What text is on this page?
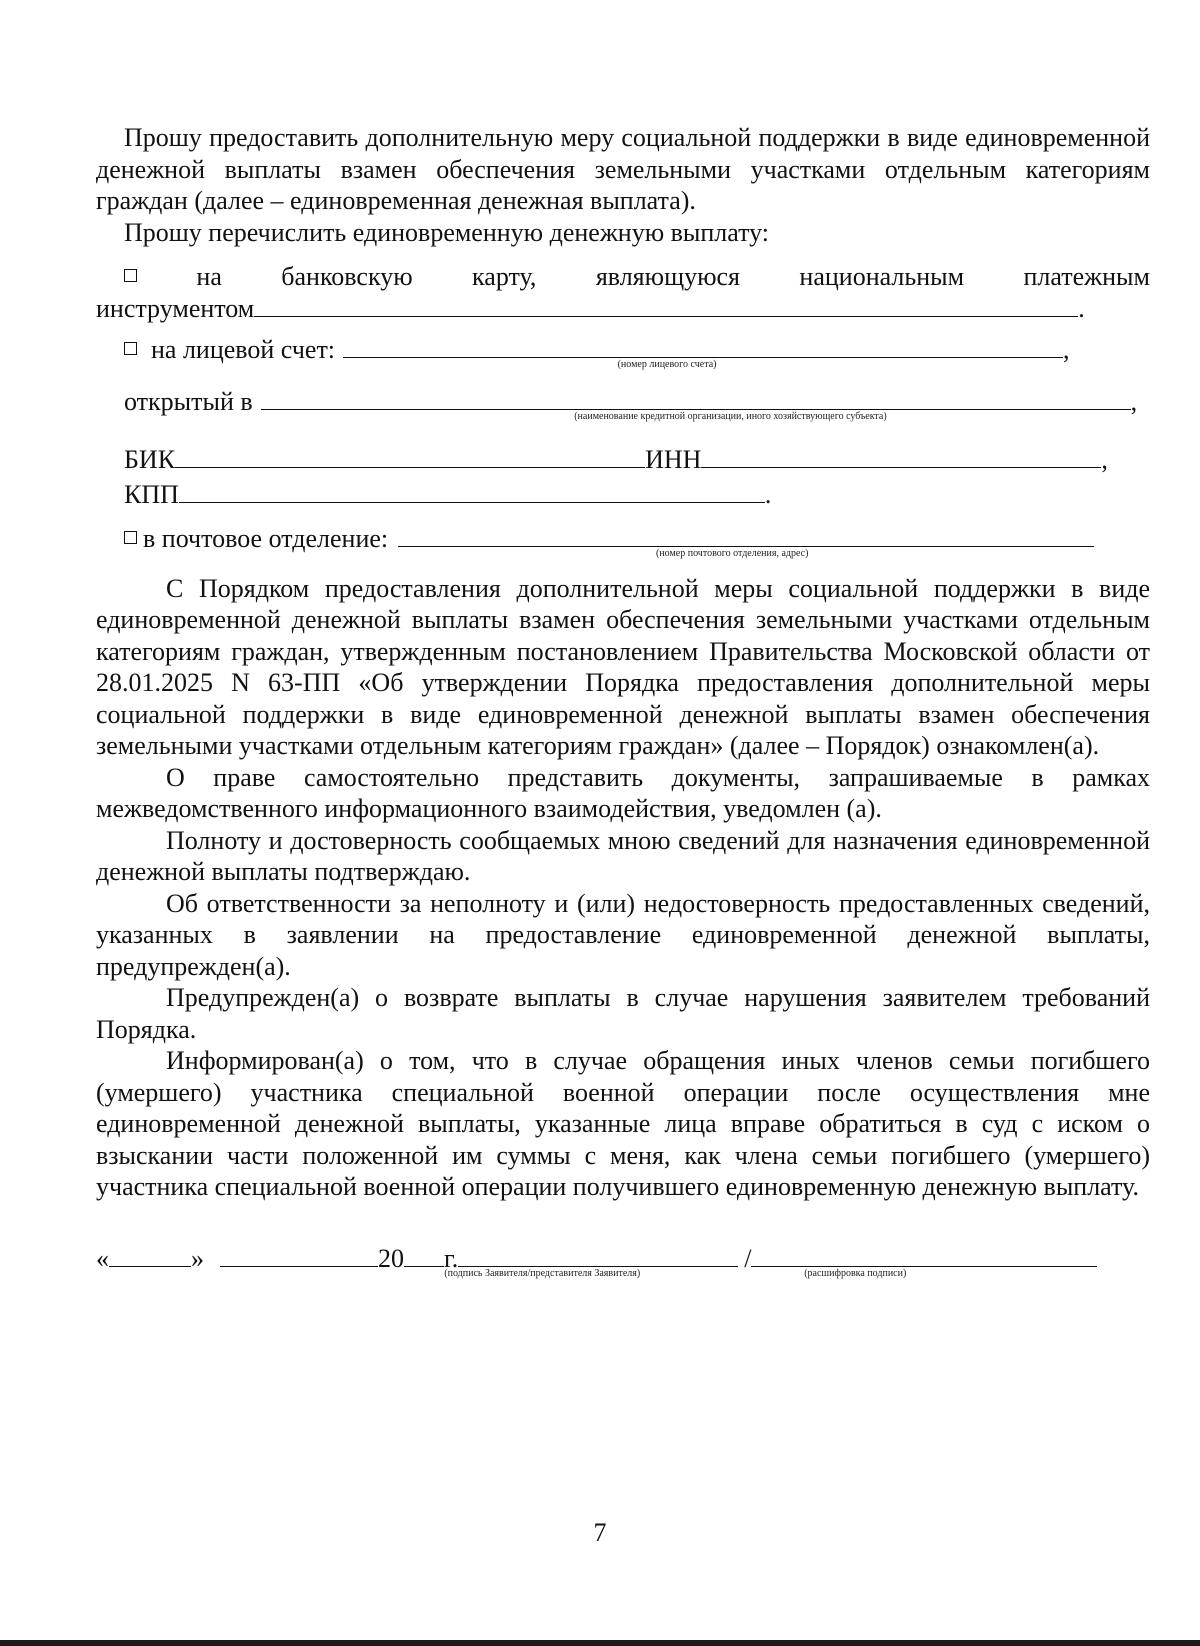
Прошу предоставить дополнительную меру социальной поддержки в виде единовременной денежной выплаты взамен обеспечения земельными участками отдельным категориям граждан (далее – единовременная денежная выплата).

Прошу перечислить единовременную денежную выплату:

на банковскую карту, являющуюся национальным платежным
инструментом	.
на лицевой счет:
(номер лицевого счета)
,
открытый в
(наименование кредитной организации, иного хозяйствующего субъекта)
,
БИК	ИНН	,
КПП	.
в почтовое отделение:
(номер почтового отделения, адрес)

С Порядком предоставления дополнительной меры социальной поддержки в виде единовременной денежной выплаты взамен обеспечения земельными участками отдельным категориям граждан, утвержденным постановлением Правительства Московской области от 28.01.2025 N 63-ПП «Об утверждении Порядка предоставления дополнительной меры социальной поддержки в виде единовременной денежной выплаты взамен обеспечения земельными участками отдельным категориям граждан» (далее – Порядок) ознакомлен(а).

О праве самостоятельно представить документы, запрашиваемые в рамках межведомственного информационного взаимодействия, уведомлен (а).

Полноту и достоверность сообщаемых мною сведений для назначения единовременной денежной выплаты подтверждаю.

Об ответственности за неполноту и (или) недостоверность предоставленных сведений, указанных в заявлении на предоставление единовременной денежной выплаты, предупрежден(а).

Предупрежден(а) о возврате выплаты в случае нарушения заявителем требований Порядка.

Информирован(а) о том, что в случае обращения иных членов семьи погибшего (умершего) участника специальной военной операции после осуществления мне единовременной денежной выплаты, указанные лица вправе обратиться в суд с иском о взыскании части положенной им суммы с меня, как члена семьи погибшего (умершего) участника специальной военной операции получившего единовременную денежную выплату.

«	»	20 г.
(подпись Заявителя/представителя Заявителя)
/
(расшифровка подписи)
7
